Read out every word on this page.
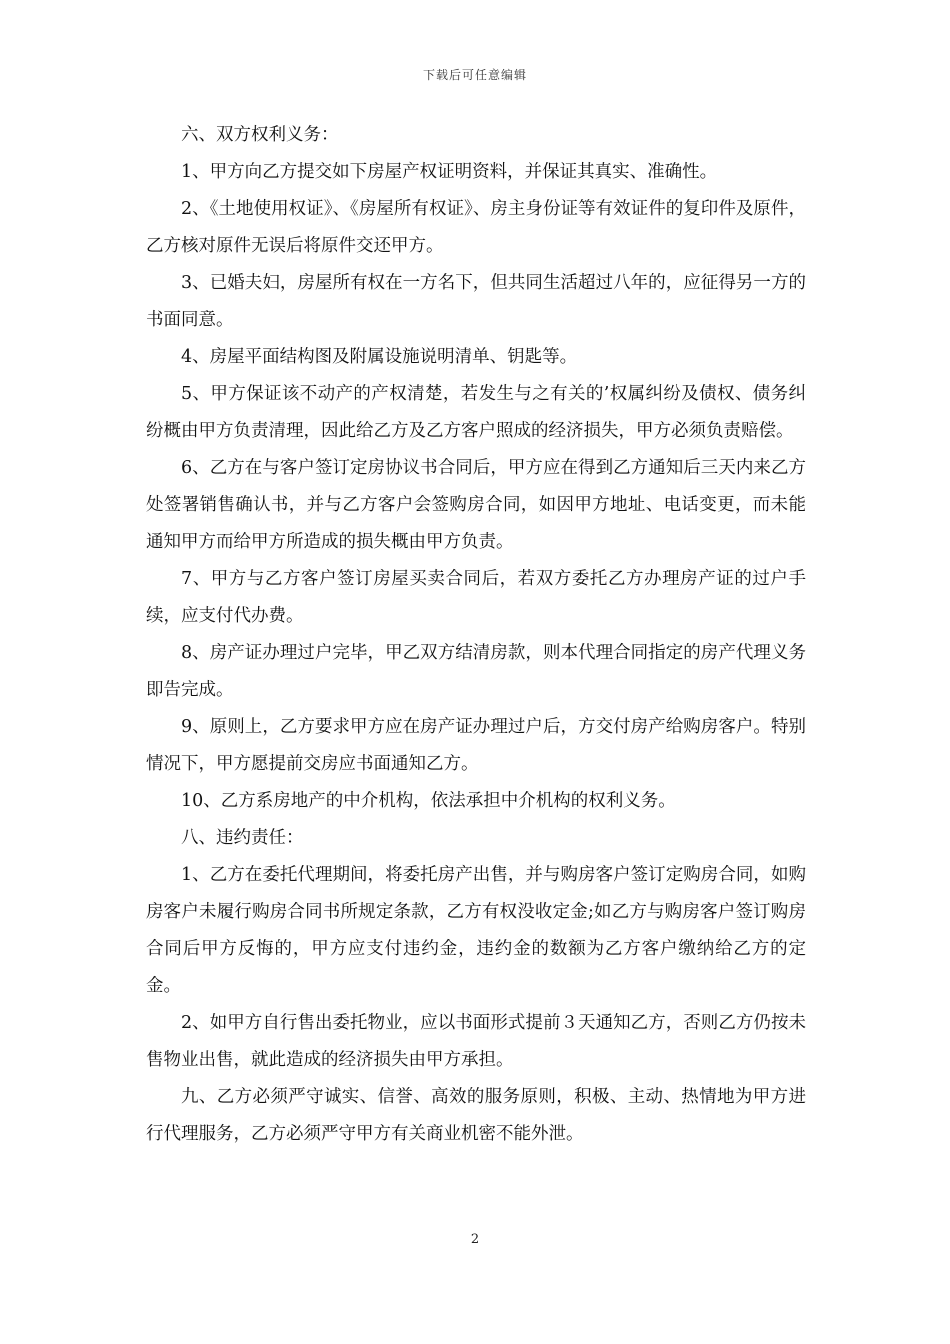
下载后可任意编辑

六、双方权利义务：

1、甲方向乙方提交如下房屋产权证明资料，并保证其真实、准确性。

2、《土地使用权证》、《房屋所有权证》、房主身份证等有效证件的复印件及原件，乙方核对原件无误后将原件交还甲方。

3、已婚夫妇，房屋所有权在一方名下，但共同生活超过八年的，应征得另一方的书面同意。

4、房屋平面结构图及附属设施说明清单、钥匙等。

5、甲方保证该不动产的产权清楚，若发生与之有关的’权属纠纷及债权、债务纠纷概由甲方负责清理，因此给乙方及乙方客户照成的经济损失，甲方必须负责赔偿。

6、乙方在与客户签订定房协议书合同后，甲方应在得到乙方通知后三天内来乙方处签署销售确认书，并与乙方客户会签购房合同，如因甲方地址、电话变更，而未能通知甲方而给甲方所造成的损失概由甲方负责。

7、甲方与乙方客户签订房屋买卖合同后，若双方委托乙方办理房产证的过户手续，应支付代办费。

8、房产证办理过户完毕，甲乙双方结清房款，则本代理合同指定的房产代理义务即告完成。

9、原则上，乙方要求甲方应在房产证办理过户后，方交付房产给购房客户。特别情况下，甲方愿提前交房应书面通知乙方。

10、乙方系房地产的中介机构，依法承担中介机构的权利义务。

八、违约责任：

1、乙方在委托代理期间，将委托房产出售，并与购房客户签订定购房合同，如购房客户未履行购房合同书所规定条款，乙方有权没收定金;如乙方与购房客户签订购房合同后甲方反悔的，甲方应支付违约金，违约金的数额为乙方客户缴纳给乙方的定金。

2、如甲方自行售出委托物业，应以书面形式提前３天通知乙方，否则乙方仍按未售物业出售，就此造成的经济损失由甲方承担。

九、乙方必须严守诚实、信誉、高效的服务原则，积极、主动、热情地为甲方进行代理服务，乙方必须严守甲方有关商业机密不能外泄。

2
